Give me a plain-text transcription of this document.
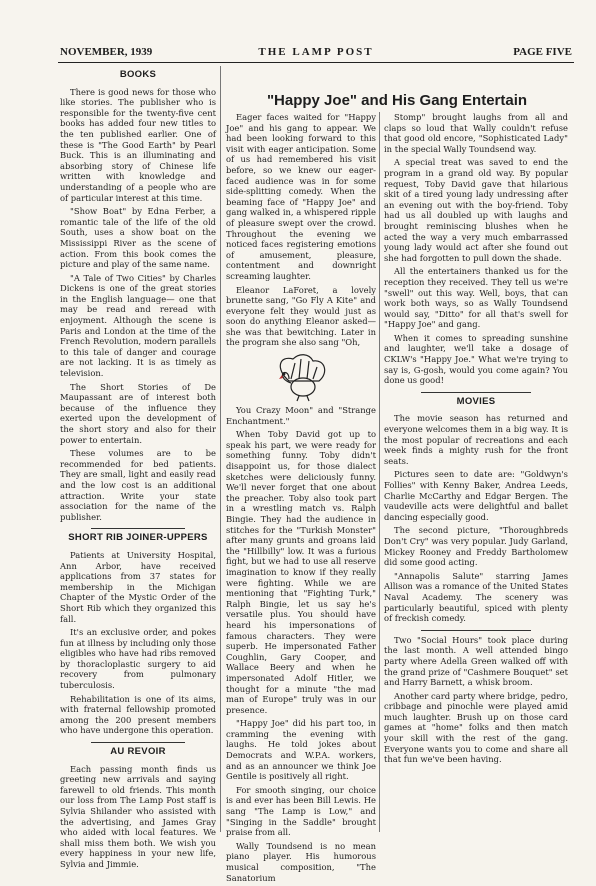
NOVEMBER, 1939	THE LAMP POST	PAGE FIVE
BOOKS

There is good news for those who like stories. The publisher who is responsible for the twenty-five cent books has added four new titles to the ten published earlier. One of these is "The Good Earth" by Pearl Buck. This is an illuminating and absorbing story of Chinese life written with knowledge and understanding of a people who are of particular interest at this time.

"Show Boat" by Edna Ferber, a romantic tale of the life of the old South, uses a show boat on the Mississippi River as the scene of action. From this book comes the picture and play of the same name.

"A Tale of Two Cities" by Charles Dickens is one of the great stories in the English language— one that may be read and reread with enjoyment. Although the scene is Paris and London at the time of the French Revolution, modern parallels to this tale of danger and courage are not lacking. It is as timely as television.

The Short Stories of De Maupassant are of interest both because of the influence they exerted upon the development of the short story and also for their power to entertain.

These volumes are to be recommended for bed patients. They are small, light and easily read and the low cost is an additional attraction. Write your state association for the name of the publisher.

SHORT RIB JOINER-UPPERS

Patients at University Hospital, Ann Arbor, have received applications from 37 states for membership in the Michigan Chapter of the Mystic Order of the Short Rib which they organized this fall.

It's an exclusive order, and pokes fun at illness by including only those eligibles who have had ribs removed by thoracloplastic surgery to aid recovery from pulmonary tuberculosis.

Rehabilitation is one of its aims, with fraternal fellowship promoted among the 200 present members who have undergone this operation.

AU REVOIR

Each passing month finds us greeting new arrivals and saying farewell to old friends. This month our loss from The Lamp Post staff is Sylvia Shilander who assisted with the advertising, and James Gray who aided with local features. We shall miss them both. We wish you every happiness in your new life, Sylvia and Jimmie.

"Happy Joe" and His Gang Entertain

Eager faces waited for "Happy Joe" and his gang to appear. We had been looking forward to this visit with eager anticipation. Some of us had remembered his visit before, so we knew our eager-faced audience was in for some side-splitting comedy. When the beaming face of "Happy Joe" and gang walked in, a whispered ripple of pleasure swept over the crowd. Throughout the evening we noticed faces registering emotions of amusement, pleasure, contentment and downright screaming laughter.

Eleanor LaForet, a lovely brunette sang, "Go Fly A Kite" and everyone felt they would just as soon do anything Eleanor asked— she was that bewitching. Later in the program she also sang "Oh,

You Crazy Moon" and "Strange Enchantment."

When Toby David got up to speak his part, we were ready for something funny. Toby didn't disappoint us, for those dialect sketches were deliciously funny. We'll never forget that one about the preacher. Toby also took part in a wrestling match vs. Ralph Bingie. They had the audience in stitches for the "Turkish Monster" after many grunts and groans laid the "Hillbilly" low. It was a furious fight, but we had to use all reserve imagination to know if they really were fighting. While we are mentioning that "Fighting Turk," Ralph Bingie, let us say he's versatile plus. You should have heard his impersonations of famous characters. They were superb. He impersonated Father Coughlin, Gary Cooper, and Wallace Beery and when he impersonated Adolf Hitler, we thought for a minute "the mad man of Europe" truly was in our presence.

"Happy Joe" did his part too, in cramming the evening with laughs. He told jokes about Democrats and W.P.A. workers, and as an announcer we think Joe Gentile is positively all right.

For smooth singing, our choice is and ever has been Bill Lewis. He sang "The Lamp is Low," and "Singing in the Saddle" brought praise from all.

Wally Toundsend is no mean piano player. His humorous musical composition, "The Sanatorium

Stomp" brought laughs from all and claps so loud that Wally couldn't refuse that good old encore, "Sophisticated Lady" in the special Wally Toundsend way.

A special treat was saved to end the program in a grand old way. By popular request, Toby David gave that hilarious skit of a tired young lady undressing after an evening out with the boy-friend. Toby had us all doubled up with laughs and brought reminiscing blushes when he acted the way a very much embarrassed young lady would act after she found out she had forgotten to pull down the shade.

All the entertainers thanked us for the reception they received. They tell us we're "swell" out this way. Well, boys, that can work both ways, so as Wally Toundsend would say, "Ditto" for all that's swell for "Happy Joe" and gang.

When it comes to spreading sunshine and laughter, we'll take a dosage of CKLW's "Happy Joe." What we're trying to say is, G-gosh, would you come again? You done us good!

MOVIES

The movie season has returned and everyone welcomes them in a big way. It is the most popular of recreations and each week finds a mighty rush for the front seats.

Pictures seen to date are: "Goldwyn's Follies" with Kenny Baker, Andrea Leeds, Charlie McCarthy and Edgar Bergen. The vaudeville acts were delightful and ballet dancing especially good.

The second picture, "Thoroughbreds Don't Cry" was very popular. Judy Garland, Mickey Rooney and Freddy Bartholomew did some good acting.

"Annapolis Salute" starring James Allison was a romance of the United States Naval Academy. The scenery was particularly beautiful, spiced with plenty of freckish comedy.

Two "Social Hours" took place during the last month. A well attended bingo party where Adella Green walked off with the grand prize of "Cashmere Bouquet" set and Harry Barnett, a whisk broom.

Another card party where bridge, pedro, cribbage and pinochle were played amid much laughter. Brush up on those card games at "home" folks and then match your skill with the rest of the gang. Everyone wants you to come and share all that fun we've been having.
